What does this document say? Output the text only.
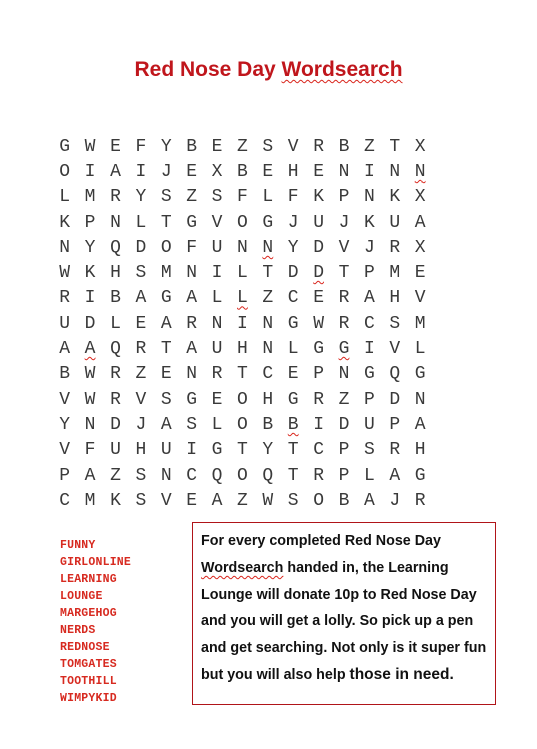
Red Nose Day Wordsearch
G W E F Y B E Z S V R B Z T X
O I A I J E X B E H E N I N N
L M R Y S Z S F L F K P N K X
K P N L T G V O G J U J K U A
N Y Q D O F U N N Y D V J R X
W K H S M N I L T D D T P M E
R I B A G A L L Z C E R A H V
U D L E A R N I N G W R C S M
A A Q R T A U H N L G G I V L
B W R Z E N R T C E P N G Q G
V W R V S G E O H G R Z P D N
Y N D J A S L O B B I D U P A
V F U H U I G T Y T C P S R H
P A Z S N C Q O Q T R P L A G
C M K S V E A Z W S O B A J R
FUNNY
GIRLONLINE
LEARNING
LOUNGE
MARGEHOG
NERDS
REDNOSE
TOMGATES
TOOTHILL
WIMPYKID

For every completed Red Nose Day Wordsearch handed in, the Learning Lounge will donate 10p to Red Nose Day and you will get a lolly. So pick up a pen and get searching. Not only is it super fun but you will also help those in need.
